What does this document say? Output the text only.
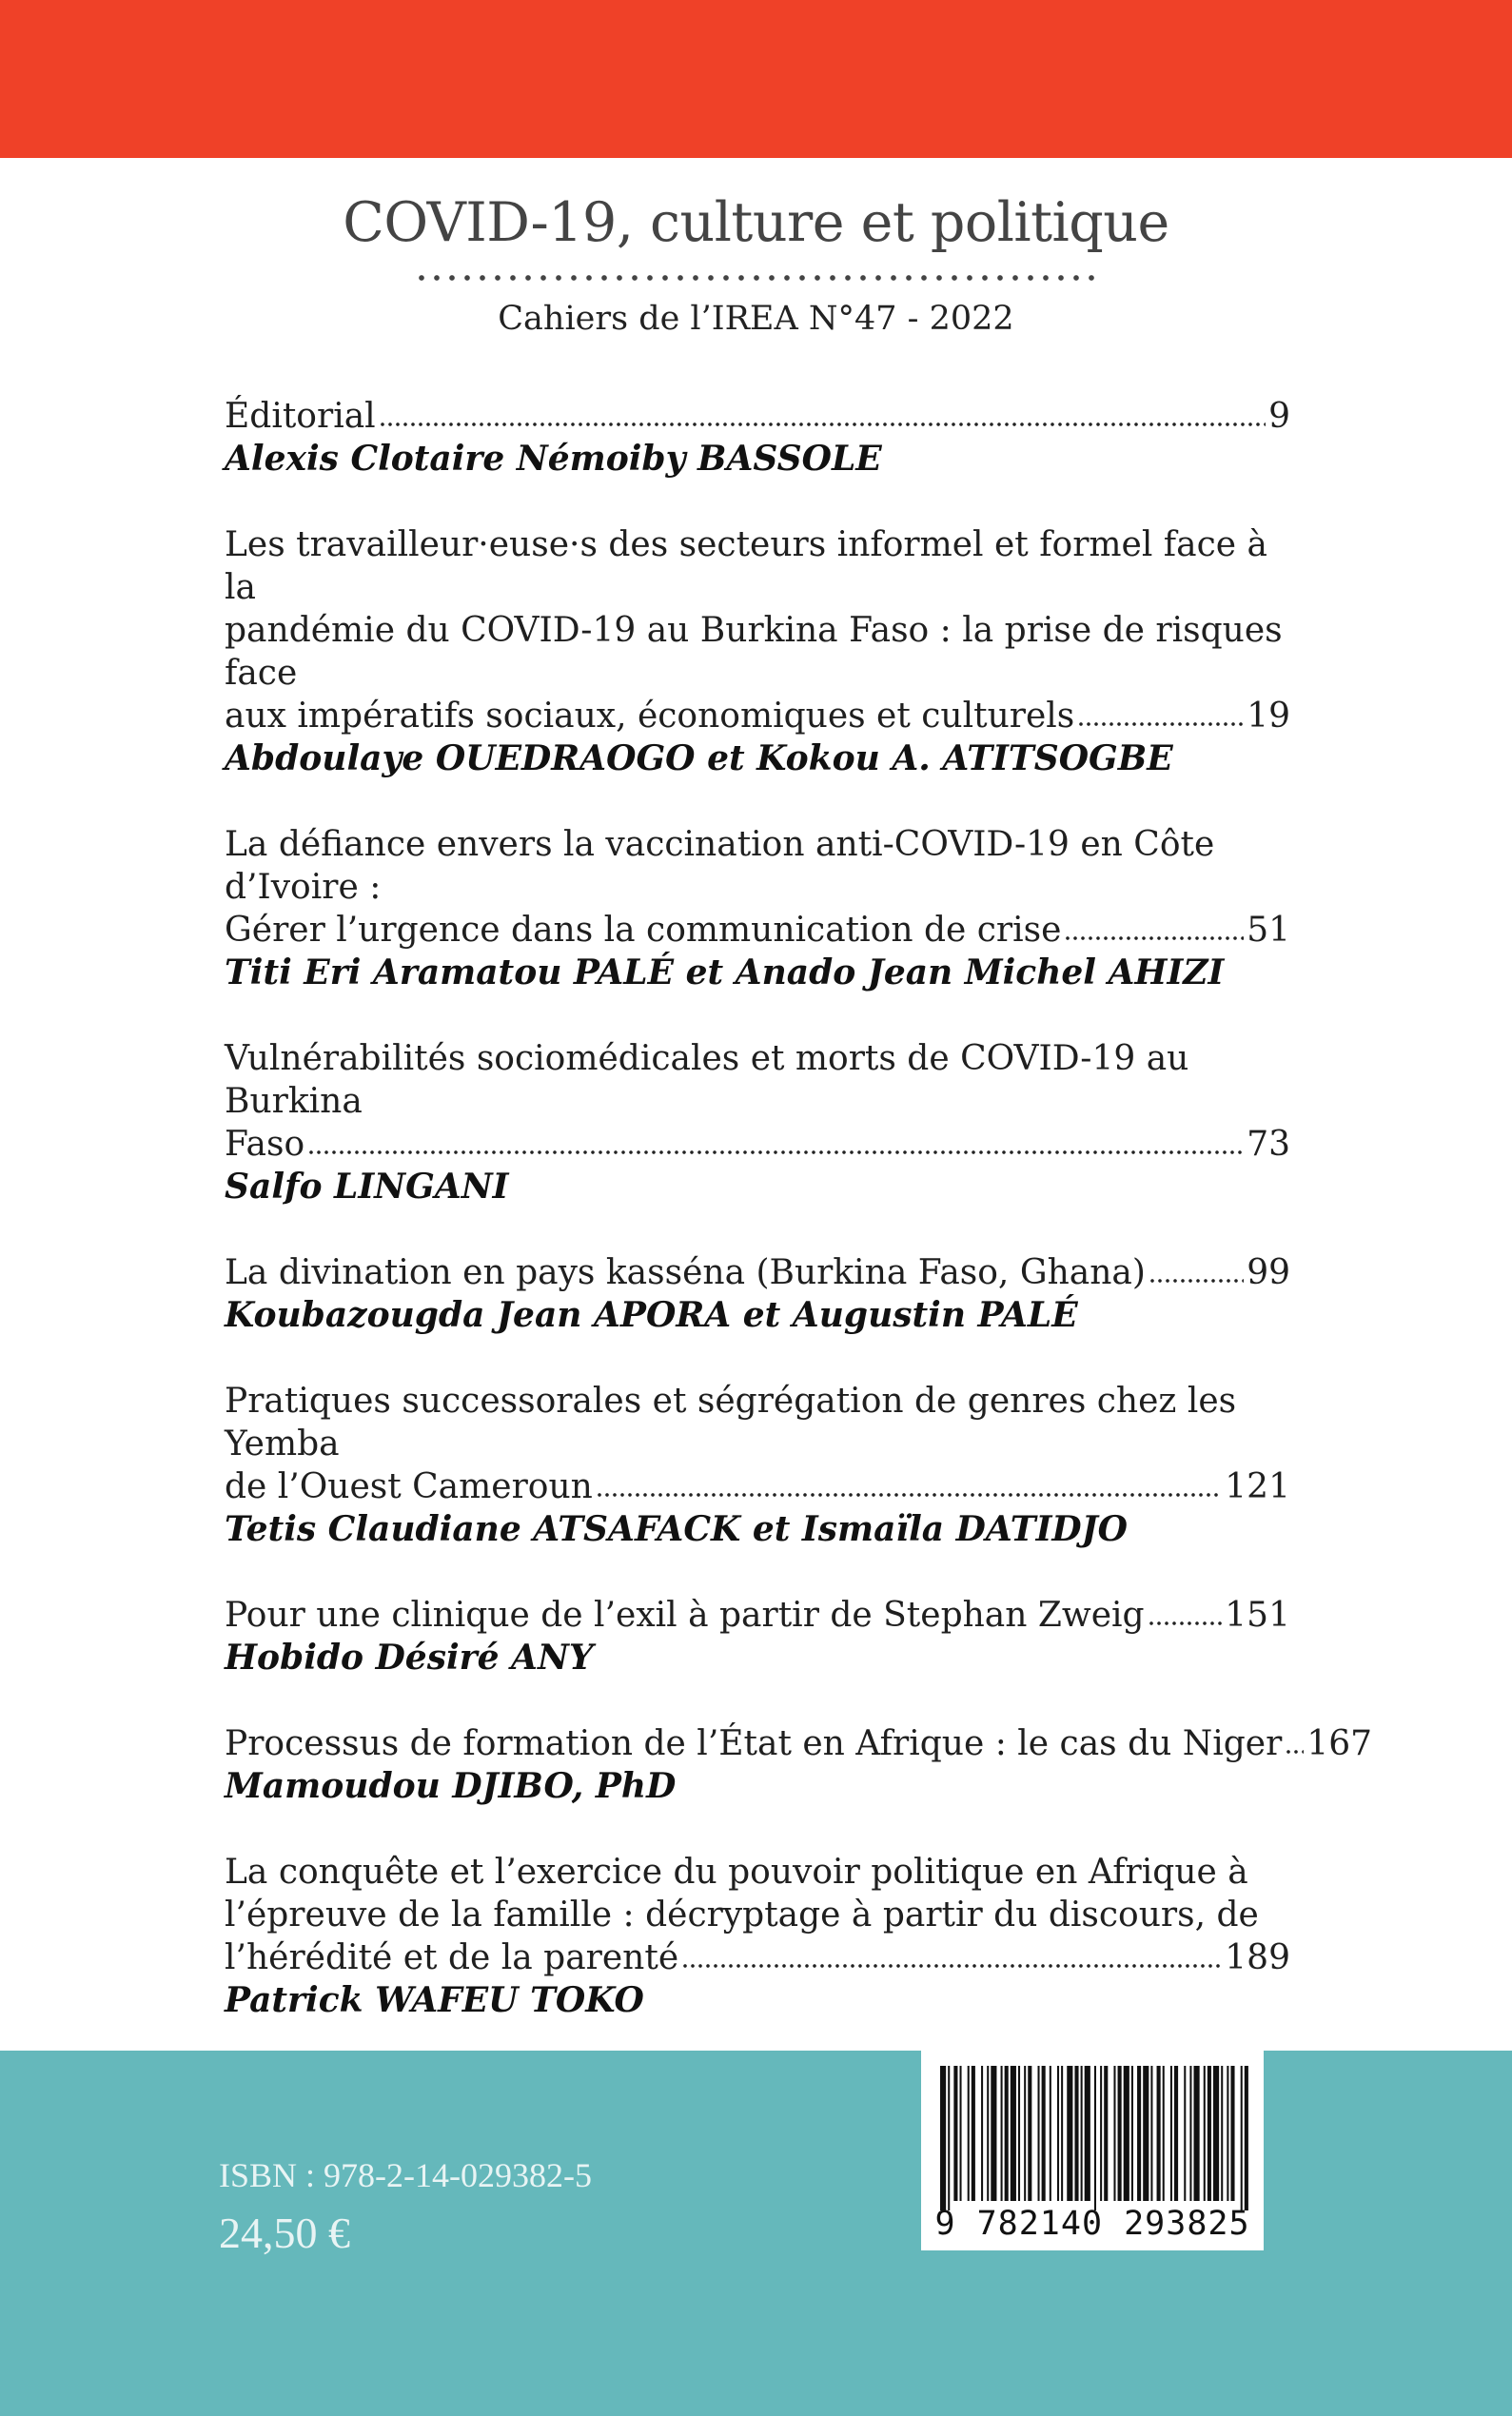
COVID-19, culture et politique
Cahiers de l’IREA N°47 - 2022
Éditorial	9
Alexis Clotaire Némoiby BASSOLE
Les travailleur·euse·s des secteurs informel et formel face à la
pandémie du COVID-19 au Burkina Faso : la prise de risques face
aux impératifs sociaux, économiques et culturels	19
Abdoulaye OUEDRAOGO et Kokou A. ATITSOGBE
La défiance envers la vaccination anti-COVID-19 en Côte d’Ivoire :
Gérer l’urgence dans la communication de crise	51
Titi Eri Aramatou PALÉ et Anado Jean Michel AHIZI
Vulnérabilités sociomédicales et morts de COVID-19 au Burkina
Faso	73
Salfo LINGANI
La divination en pays kasséna (Burkina Faso, Ghana)	99
Koubazougda Jean APORA et Augustin PALÉ
Pratiques successorales et ségrégation de genres chez les Yemba
de l’Ouest Cameroun	121
Tetis Claudiane ATSAFACK et Ismaïla DATIDJO
Pour une clinique de l’exil à partir de Stephan Zweig 151
Hobido Désiré ANY
Processus de formation de l’État en Afrique : le cas du Niger 167
Mamoudou DJIBO, PhD
La conquête et l’exercice du pouvoir politique en Afrique à
l’épreuve de la famille : décryptage à partir du discours, de
l’hérédité et de la parenté	189
Patrick WAFEU TOKO
ISBN : 978-2-14-029382-5
24,50 €	9 782140 293825
